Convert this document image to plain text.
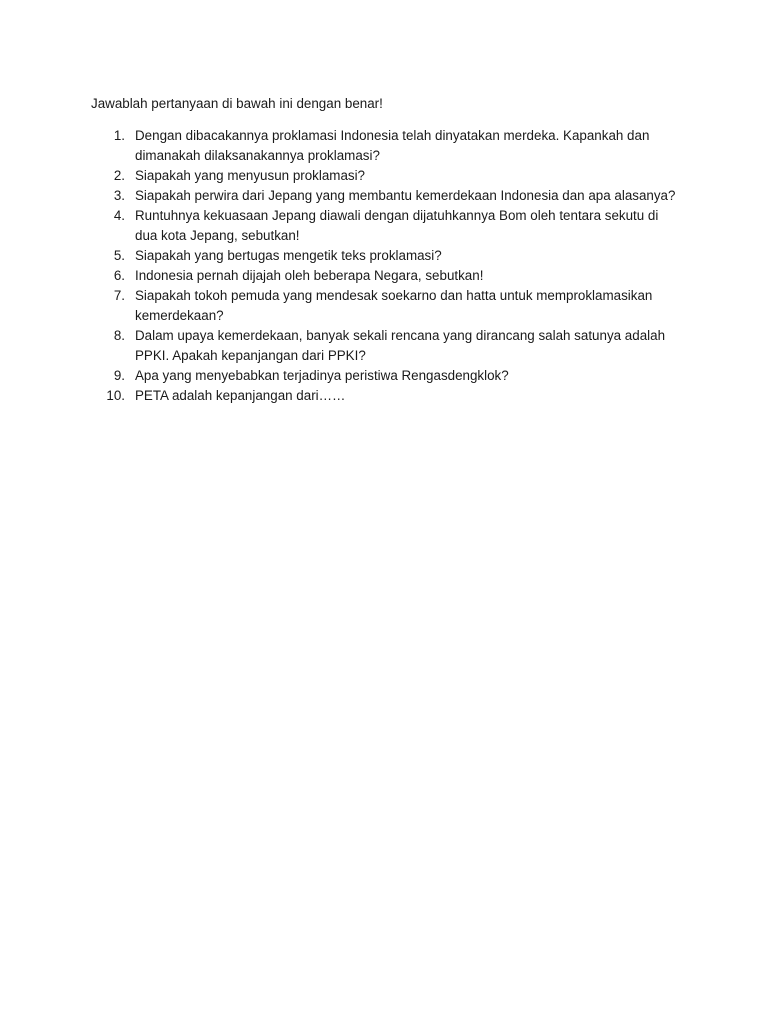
Jawablah pertanyaan di bawah ini dengan benar!
1. Dengan dibacakannya proklamasi Indonesia telah dinyatakan merdeka. Kapankah dan dimanakah dilaksanakannya proklamasi?
2. Siapakah yang menyusun proklamasi?
3. Siapakah perwira dari Jepang yang membantu kemerdekaan Indonesia dan apa alasanya?
4. Runtuhnya kekuasaan Jepang diawali dengan dijatuhkannya Bom oleh tentara sekutu di dua kota Jepang, sebutkan!
5. Siapakah yang bertugas mengetik teks proklamasi?
6. Indonesia pernah dijajah oleh beberapa Negara, sebutkan!
7. Siapakah tokoh pemuda yang mendesak soekarno dan hatta untuk memproklamasikan kemerdekaan?
8. Dalam upaya kemerdekaan, banyak sekali rencana yang dirancang salah satunya adalah PPKI. Apakah kepanjangan dari PPKI?
9. Apa yang menyebabkan terjadinya peristiwa Rengasdengklok?
10. PETA adalah kepanjangan dari……
